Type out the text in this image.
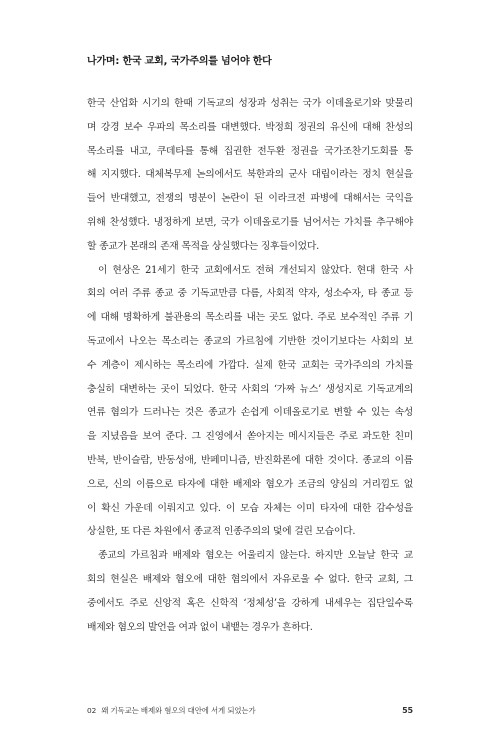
나가며: 한국 교회, 국가주의를 넘어야 한다
한국 산업화 시기의 한때 기독교의 성장과 성취는 국가 이데올로기와 맞물리
며 강경 보수 우파의 목소리를 대변했다. 박정희 정권의 유신에 대해 찬성의
목소리를 내고, 쿠데타를 통해 집권한 전두환 정권을 국가조찬기도회를 통
해 지지했다. 대체복무제 논의에서도 북한과의 군사 대립이라는 정치 현실을
들어 반대했고, 전쟁의 명분이 논란이 된 이라크전 파병에 대해서는 국익을
위해 찬성했다. 냉정하게 보면, 국가 이데올로기를 넘어서는 가치를 추구해야
할 종교가 본래의 존재 목적을 상실했다는 징후들이었다.
이 현상은 21세기 한국 교회에서도 전혀 개선되지 않았다. 현대 한국 사
회의 여러 주류 종교 중 기독교만큼 다름, 사회적 약자, 성소수자, 타 종교 등
에 대해 명확하게 불관용의 목소리를 내는 곳도 없다. 주로 보수적인 주류 기
독교에서 나오는 목소리는 종교의 가르침에 기반한 것이기보다는 사회의 보
수 계층이 제시하는 목소리에 가깝다. 실제 한국 교회는 국가주의의 가치를
충실히 대변하는 곳이 되었다. 한국 사회의 ‘가짜 뉴스’ 생성지로 기독교계의
연류 혐의가 드러나는 것은 종교가 손쉽게 이데올로기로 변할 수 있는 속성
을 지녔음을 보여 준다. 그 진영에서 쏟아지는 메시지들은 주로 과도한 친미
반북, 반이슬람, 반동성애, 반페미니즘, 반진화론에 대한 것이다. 종교의 이름
으로, 신의 이름으로 타자에 대한 배제와 혐오가 조금의 양심의 거리낌도 없
이 확신 가운데 이뤄지고 있다. 이 모습 자체는 이미 타자에 대한 감수성을
상실한, 또 다른 차원에서 종교적 인종주의의 덫에 걸린 모습이다.
종교의 가르침과 배제와 혐오는 어울리지 않는다. 하지만 오늘날 한국 교
회의 현실은 배제와 혐오에 대한 혐의에서 자유로울 수 없다. 한국 교회, 그
중에서도 주로 신앙적 혹은 신학적 ‘정체성’을 강하게 내세우는 집단일수록
배제와 혐오의 발언을 여과 없이 내뱉는 경우가 흔하다.
02 왜 기독교는 배제와 혐오의 대안에 서게 되었는가	55
